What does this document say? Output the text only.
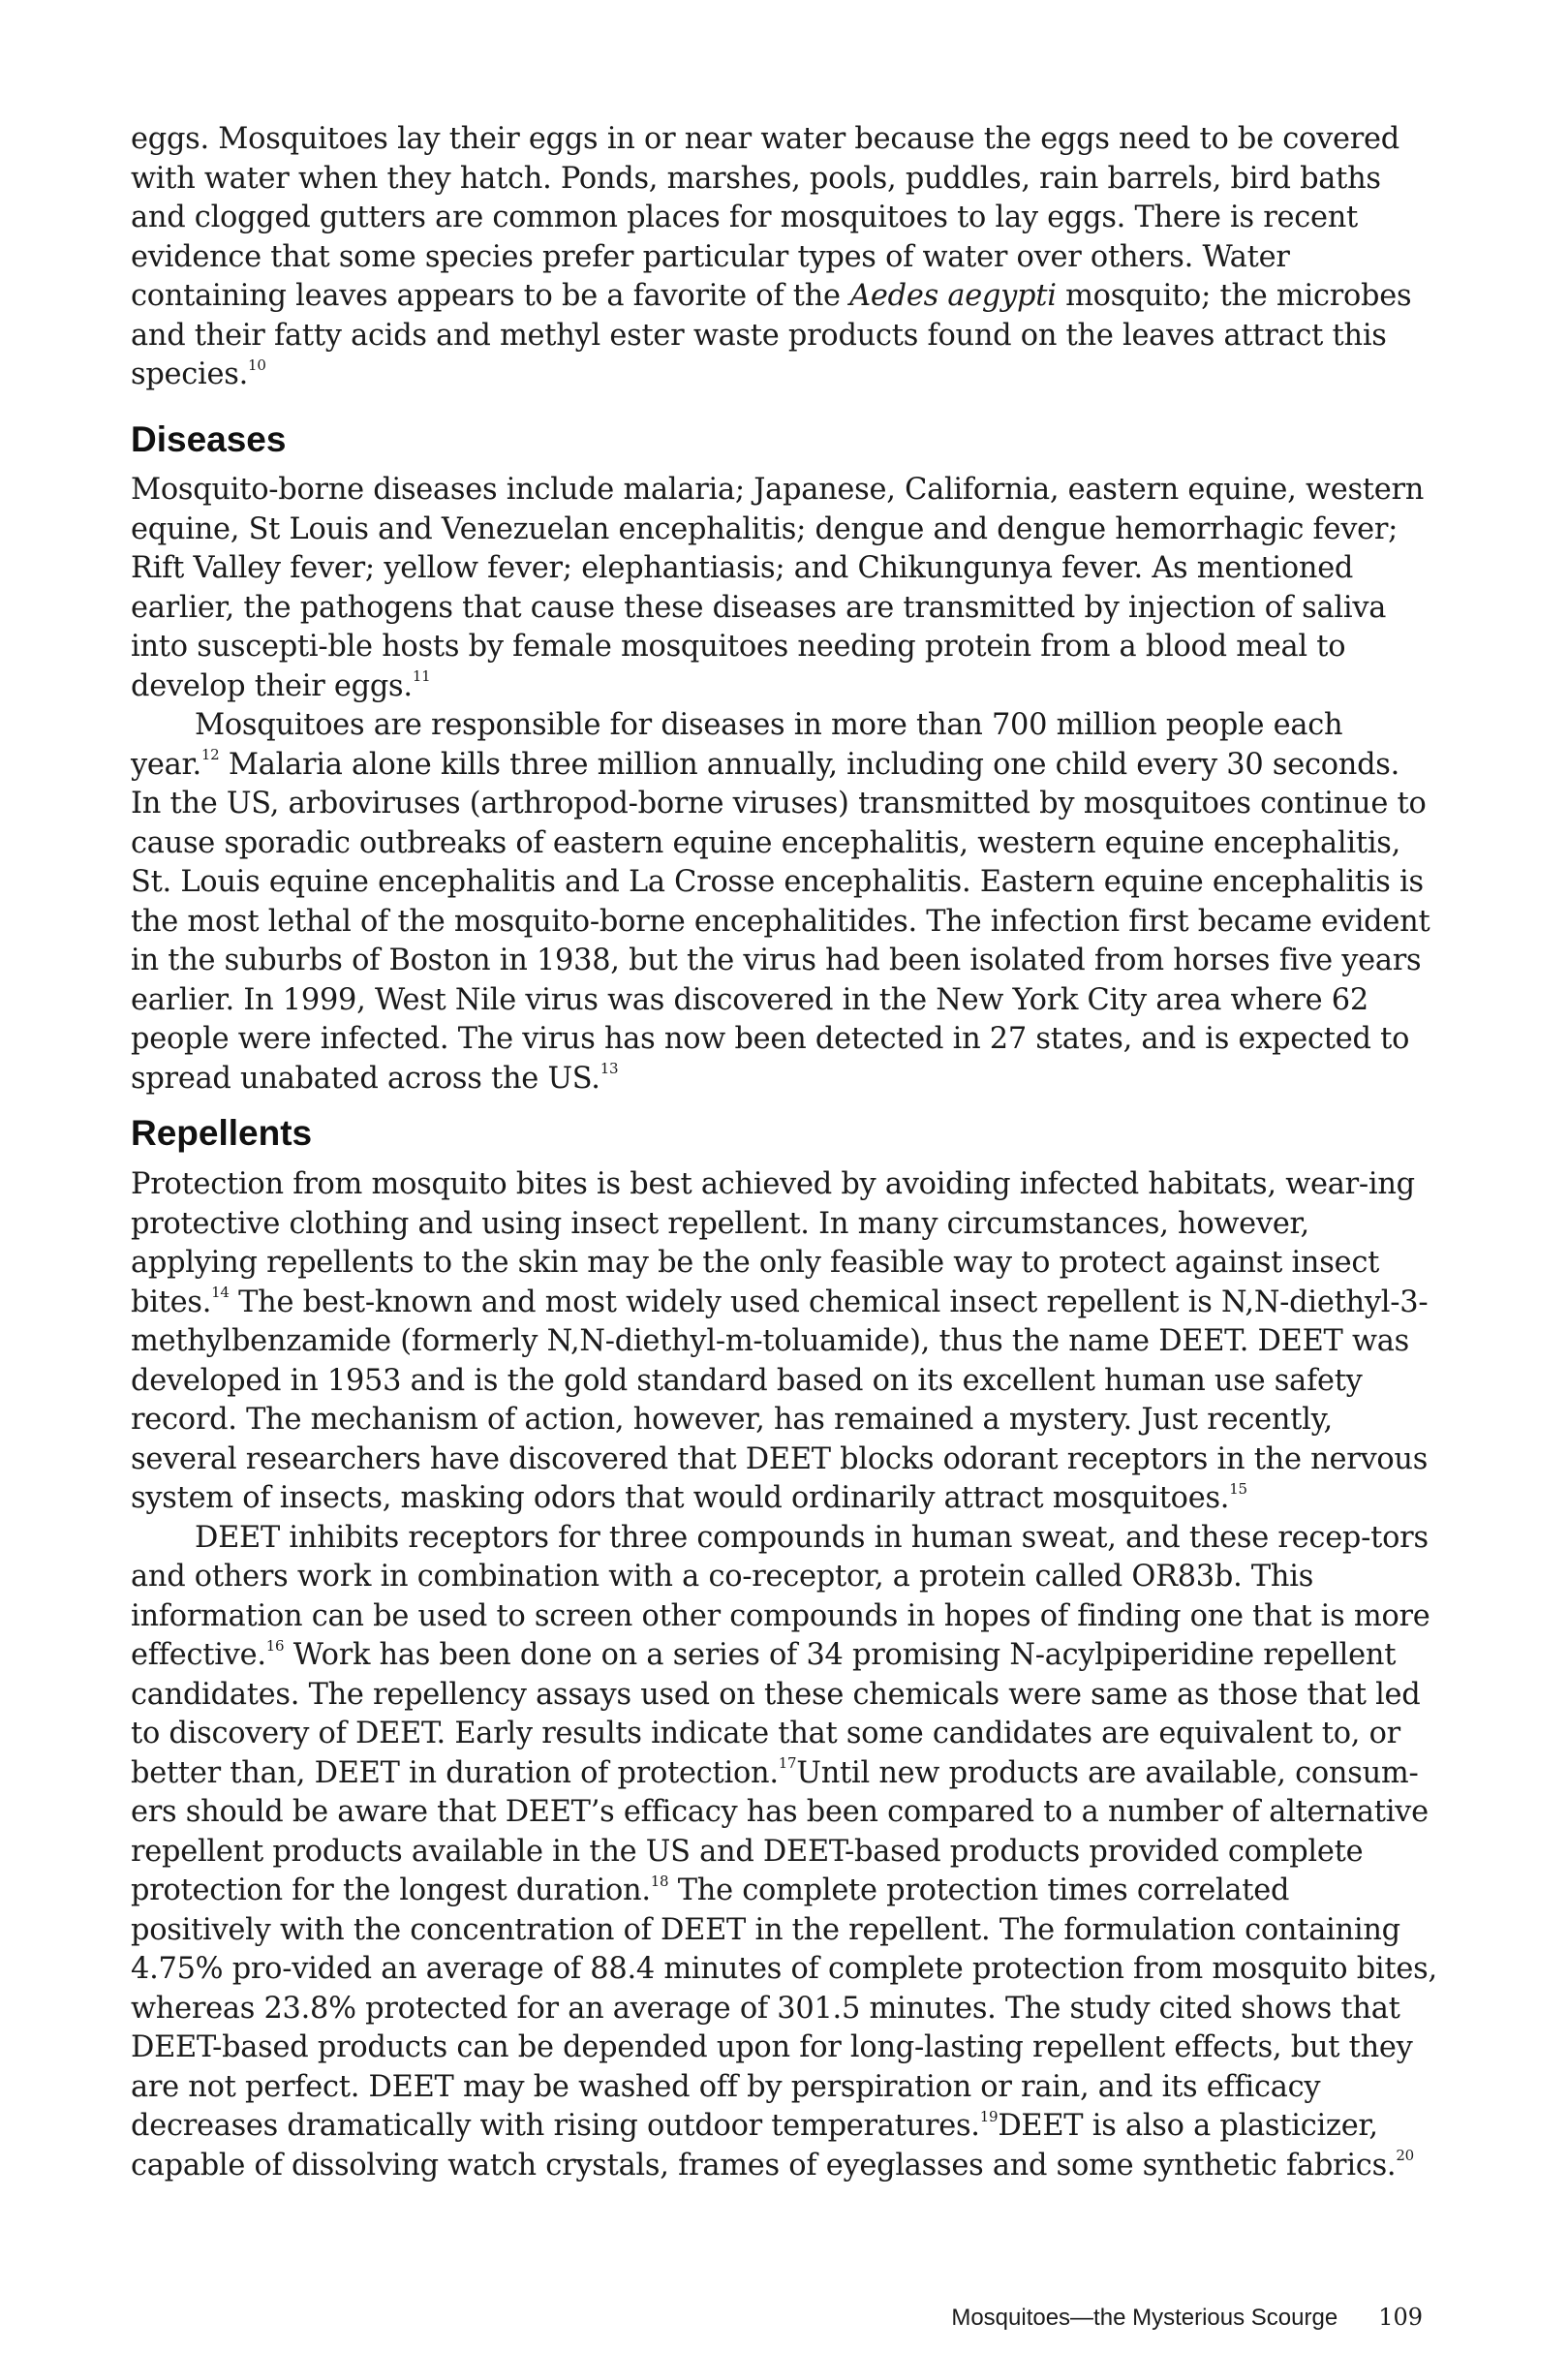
eggs. Mosquitoes lay their eggs in or near water because the eggs need to be covered with water when they hatch. Ponds, marshes, pools, puddles, rain barrels, bird baths and clogged gutters are common places for mosquitoes to lay eggs. There is recent evidence that some species prefer particular types of water over others. Water containing leaves appears to be a favorite of the Aedes aegypti mosquito; the microbes and their fatty acids and methyl ester waste products found on the leaves attract this species.$^{10}$

Diseases

Mosquito-borne diseases include malaria; Japanese, California, eastern equine, western equine, St Louis and Venezuelan encephalitis; dengue and dengue hemorrhagic fever; Rift Valley fever; yellow fever; elephantiasis; and Chikungunya fever. As mentioned earlier, the pathogens that cause these diseases are transmitted by injection of saliva into suscepti-ble hosts by female mosquitoes needing protein from a blood meal to develop their eggs.$^{11}$

Mosquitoes are responsible for diseases in more than 700 million people each year.$^{12}$ Malaria alone kills three million annually, including one child every 30 seconds. In the US, arboviruses (arthropod-borne viruses) transmitted by mosquitoes continue to cause sporadic outbreaks of eastern equine encephalitis, western equine encephalitis, St. Louis equine encephalitis and La Crosse encephalitis. Eastern equine encephalitis is the most lethal of the mosquito-borne encephalitides. The infection first became evident in the suburbs of Boston in 1938, but the virus had been isolated from horses five years earlier. In 1999, West Nile virus was discovered in the New York City area where 62 people were infected. The virus has now been detected in 27 states, and is expected to spread unabated across the US.$^{13}$

Repellents

Protection from mosquito bites is best achieved by avoiding infected habitats, wear-ing protective clothing and using insect repellent. In many circumstances, however, applying repellents to the skin may be the only feasible way to protect against insect bites.$^{14}$ The best-known and most widely used chemical insect repellent is N,N-diethyl-3-methylbenzamide (formerly N,N-diethyl-m-toluamide), thus the name DEET. DEET was developed in 1953 and is the gold standard based on its excellent human use safety record. The mechanism of action, however, has remained a mystery. Just recently, several researchers have discovered that DEET blocks odorant receptors in the nervous system of insects, masking odors that would ordinarily attract mosquitoes.$^{15}$

DEET inhibits receptors for three compounds in human sweat, and these recep-tors and others work in combination with a co-receptor, a protein called OR83b. This information can be used to screen other compounds in hopes of finding one that is more effective.$^{16}$ Work has been done on a series of 34 promising N-acylpiperidine repellent candidates. The repellency assays used on these chemicals were same as those that led to discovery of DEET. Early results indicate that some candidates are equivalent to, or better than, DEET in duration of protection.$^{17}$Until new products are available, consum-ers should be aware that DEET’s efficacy has been compared to a number of alternative repellent products available in the US and DEET-based products provided complete protection for the longest duration.$^{18}$ The complete protection times correlated positively with the concentration of DEET in the repellent. The formulation containing 4.75% pro-vided an average of 88.4 minutes of complete protection from mosquito bites, whereas 23.8% protected for an average of 301.5 minutes. The study cited shows that DEET-based products can be depended upon for long-lasting repellent effects, but they are not perfect. DEET may be washed off by perspiration or rain, and its efficacy decreases dramatically with rising outdoor temperatures.$^{19}$DEET is also a plasticizer, capable of dissolving watch crystals, frames of eyeglasses and some synthetic fabrics.$^{20}$

Mosquitoes—the Mysterious Scourge 109
